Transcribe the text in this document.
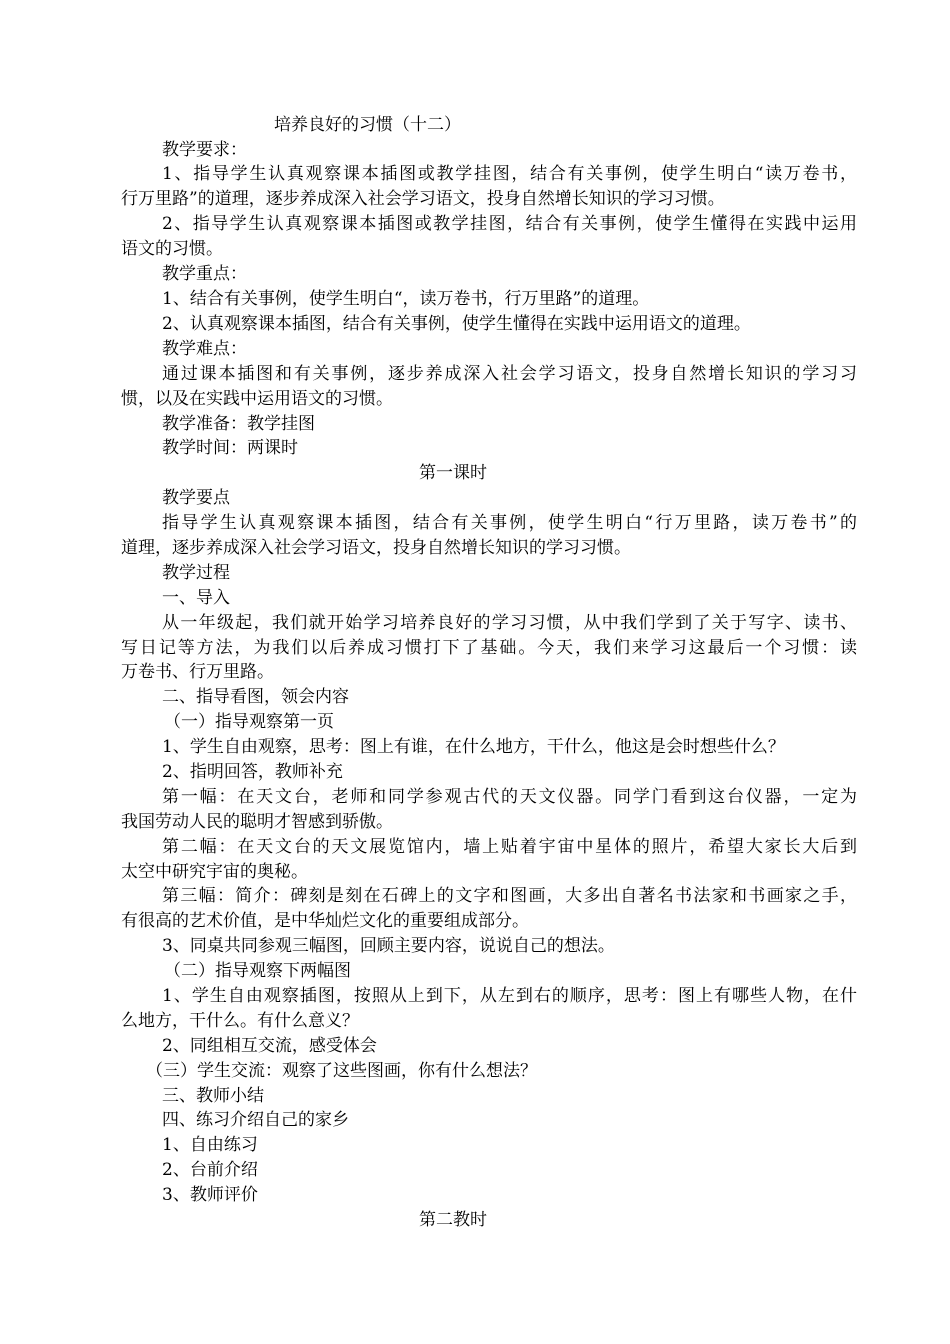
培养良好的习惯（十二）
教学要求：
1、指导学生认真观察课本插图或教学挂图，结合有关事例，使学生明白“读万卷书，
行万里路”的道理，逐步养成深入社会学习语文，投身自然增长知识的学习习惯。
2、指导学生认真观察课本插图或教学挂图，结合有关事例，使学生懂得在实践中运用
语文的习惯。
教学重点：
1、结合有关事例，使学生明白“，读万卷书，行万里路”的道理。
2、认真观察课本插图，结合有关事例，使学生懂得在实践中运用语文的道理。
教学难点：
通过课本插图和有关事例，逐步养成深入社会学习语文，投身自然增长知识的学习习
惯，以及在实践中运用语文的习惯。
教学准备：教学挂图
教学时间：两课时
第一课时
教学要点
指导学生认真观察课本插图，结合有关事例，使学生明白“行万里路，读万卷书”的
道理，逐步养成深入社会学习语文，投身自然增长知识的学习习惯。
教学过程
一、导入
从一年级起，我们就开始学习培养良好的学习习惯，从中我们学到了关于写字、读书、
写日记等方法，为我们以后养成习惯打下了基础。今天，我们来学习这最后一个习惯：读
万卷书、行万里路。
二、指导看图，领会内容
（一）指导观察第一页
1、学生自由观察，思考：图上有谁，在什么地方，干什么，他这是会时想些什么？
2、指明回答，教师补充
第一幅：在天文台，老师和同学参观古代的天文仪器。同学门看到这台仪器，一定为
我国劳动人民的聪明才智感到骄傲。
第二幅：在天文台的天文展览馆内，墙上贴着宇宙中星体的照片，希望大家长大后到
太空中研究宇宙的奥秘。
第三幅：简介：碑刻是刻在石碑上的文字和图画，大多出自著名书法家和书画家之手，
有很高的艺术价值，是中华灿烂文化的重要组成部分。
3、同桌共同参观三幅图，回顾主要内容，说说自己的想法。
（二）指导观察下两幅图
1、学生自由观察插图，按照从上到下，从左到右的顺序，思考：图上有哪些人物，在什
么地方，干什么。有什么意义？
2、同组相互交流，感受体会
（三）学生交流：观察了这些图画，你有什么想法？
三、教师小结
四、练习介绍自己的家乡
1、自由练习
2、台前介绍
3、教师评价
第二教时
